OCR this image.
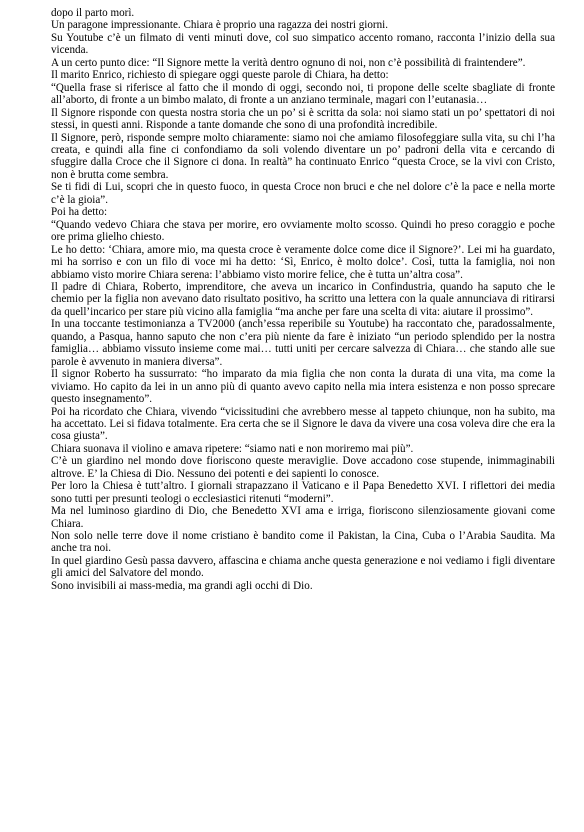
dopo il parto morì.

Un paragone impressionante. Chiara è proprio una ragazza dei nostri giorni.

Su Youtube c’è un filmato di venti minuti dove, col suo simpatico accento romano, racconta l’inizio della sua vicenda.

A un certo punto dice: “Il Signore mette la verità dentro ognuno di noi, non c’è possibilità di fraintendere”.

Il marito Enrico, richiesto di spiegare oggi queste parole di Chiara, ha detto:

“Quella frase si riferisce al fatto che il mondo di oggi, secondo noi, ti propone delle scelte sbagliate di fronte all’aborto, di fronte a un bimbo malato, di fronte a un anziano terminale, magari con l’eutanasia…

Il Signore risponde con questa nostra storia che un po’ si è scritta da sola: noi siamo stati un po’ spettatori di noi stessi, in questi anni. Risponde a tante domande che sono di una profondità incredibile.

Il Signore, però, risponde sempre molto chiaramente: siamo noi che amiamo filosofeggiare sulla vita, su chi l’ha creata, e quindi alla fine ci confondiamo da soli volendo diventare un po’ padroni della vita e cercando di sfuggire dalla Croce che il Signore ci dona. In realtà” ha continuato Enrico “questa Croce, se la vivi con Cristo, non è brutta come sembra.

Se ti fidi di Lui, scopri che in questo fuoco, in questa Croce non bruci e che nel dolore c’è la pace e nella morte c’è la gioia”.

Poi ha detto:

“Quando vedevo Chiara che stava per morire, ero ovviamente molto scosso. Quindi ho preso coraggio e poche ore prima glielho chiesto.

Le ho detto: ‘Chiara, amore mio, ma questa croce è veramente dolce come dice il Signore?’. Lei mi ha guardato, mi ha sorriso e con un filo di voce mi ha detto: ‘Sì, Enrico, è molto dolce’. Così, tutta la famiglia, noi non abbiamo visto morire Chiara serena: l’abbiamo visto morire felice, che è tutta un’altra cosa”.

Il padre di Chiara, Roberto, imprenditore, che aveva un incarico in Confindustria, quando ha saputo che le chemio per la figlia non avevano dato risultato positivo, ha scritto una lettera con la quale annunciava di ritirarsi da quell’incarico per stare più vicino alla famiglia “ma anche per fare una scelta di vita: aiutare il prossimo”.

In una toccante testimonianza a TV2000 (anch’essa reperibile su Youtube) ha raccontato che, paradossalmente, quando, a Pasqua, hanno saputo che non c’era più niente da fare è iniziato “un periodo splendido per la nostra famiglia… abbiamo vissuto insieme come mai… tutti uniti per cercare salvezza di Chiara… che stando alle sue parole è avvenuto in maniera diversa”.

Il signor Roberto ha sussurrato: “ho imparato da mia figlia che non conta la durata di una vita, ma come la viviamo. Ho capito da lei in un anno più di quanto avevo capito nella mia intera esistenza e non posso sprecare questo insegnamento”.

Poi ha ricordato che Chiara, vivendo “vicissitudini che avrebbero messe al tappeto chiunque, non ha subito, ma ha accettato. Lei si fidava totalmente. Era certa che se il Signore le dava da vivere una cosa voleva dire che era la cosa giusta”.

Chiara suonava il violino e amava ripetere: “siamo nati e non moriremo mai più”.

C’è un giardino nel mondo dove fioriscono queste meraviglie. Dove accadono cose stupende, inimmaginabili altrove. E’ la Chiesa di Dio. Nessuno dei potenti e dei sapienti lo conosce.

Per loro la Chiesa è tutt’altro. I giornali strapazzano il Vaticano e il Papa Benedetto XVI. I riflettori dei media sono tutti per presunti teologi o ecclesiastici ritenuti “moderni”.

Ma nel luminoso giardino di Dio, che Benedetto XVI ama e irriga, fioriscono silenziosamente giovani come Chiara.

Non solo nelle terre dove il nome cristiano è bandito come il Pakistan, la Cina, Cuba o l’Arabia Saudita. Ma anche tra noi.

In quel giardino Gesù passa davvero, affascina e chiama anche questa generazione e noi vediamo i figli diventare gli amici del Salvatore del mondo.

Sono invisibili ai mass-media, ma grandi agli occhi di Dio.
